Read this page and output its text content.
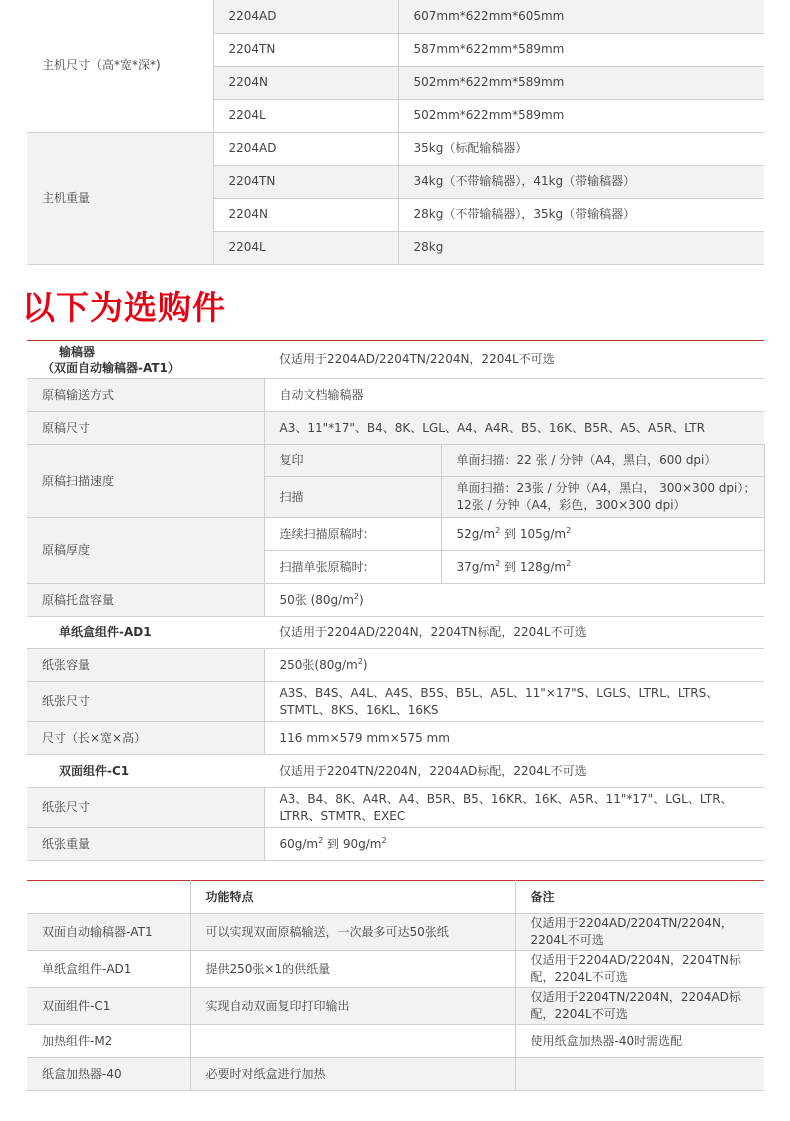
主机尺寸（高*宽*深*)	2204AD	607mm*622mm*605mm
	2204TN	587mm*622mm*589mm
	2204N	502mm*622mm*589mm
	2204L	502mm*622mm*589mm
主机重量	2204AD	35kg（标配输稿器）
	2204TN	34kg（不带输稿器），41kg（带输稿器）
	2204N	28kg（不带输稿器），35kg（带输稿器）
	2204L	28kg
以下为选购件
输稿器
（双面自动输稿器-AT1）	仅适用于2204AD/2204TN/2204N，2204L不可选	
原稿输送方式	自动文档输稿器	
原稿尺寸	A3、11"*17"、B4、8K、LGL、A4、A4R、B5、16K、B5R、A5、A5R、LTR	
原稿扫描速度	复印	单面扫描：22 张 / 分钟（A4，黑白，600 dpi）
	扫描	单面扫描：23张 / 分钟（A4，黑白， 300×300 dpi）；12张 / 分钟（A4，彩色，300×300 dpi）
原稿厚度	连续扫描原稿时:	$52g/m^2$ 到 $105g/m^2$
	扫描单张原稿时:	$37g/m^2$ 到 $128g/m^2$
原稿托盘容量	50张 $(80g/m^2)$	
单纸盒组件-AD1	仅适用于2204AD/2204N，2204TN标配，2204L不可选	
纸张容量	250张$(80g/m^2)$	
纸张尺寸	A3S、B4S、A4L、A4S、B5S、B5L、A5L、11"×17"S、LGLS、LTRL、LTRS、STMTL、8KS、16KL、16KS	
尺寸（长×宽×高）	116 mm×579 mm×575 mm	
双面组件-C1	仅适用于2204TN/2204N，2204AD标配，2204L不可选	
纸张尺寸	A3、B4、8K、A4R、A4、B5R、B5、16KR、16K、A5R、11"*17"、LGL、LTR、LTRR、STMTR、EXEC	
纸张重量	$60g/m^2$ 到 $90g/m^2$
	功能特点	备注
双面自动输稿器-AT1	可以实现双面原稿输送，一次最多可达50张纸	仅适用于2204AD/2204TN/2204N，2204L不可选
单纸盒组件-AD1	提供250张×1的供纸量	仅适用于2204AD/2204N，2204TN标配，2204L不可选
双面组件-C1	实现自动双面复印打印输出	仅适用于2204TN/2204N，2204AD标配，2204L不可选
加热组件-M2		使用纸盒加热器-40时需选配
纸盒加热器-40	必要时对纸盒进行加热	
